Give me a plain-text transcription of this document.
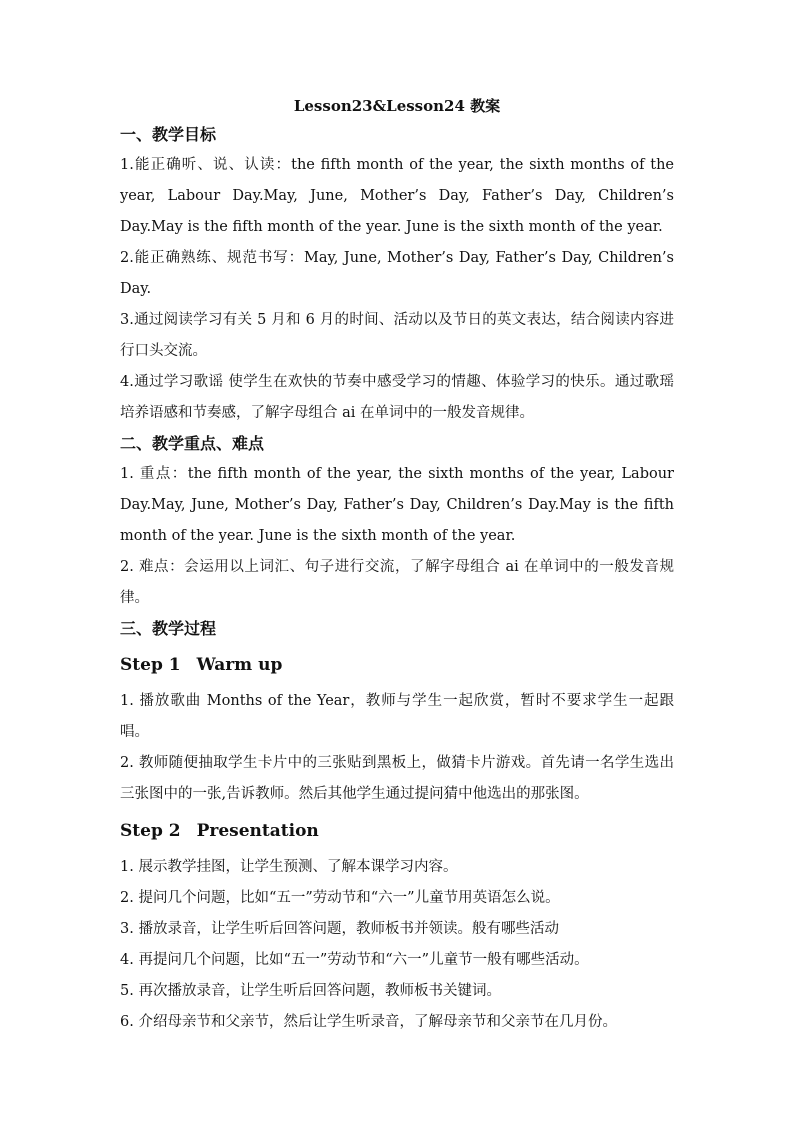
Lesson23&Lesson24 教案
一、教学目标

1.能正确听、说、认读：the fifth month of the year, the sixth months of the year, Labour Day.May, June, Mother’s Day, Father’s Day, Children’s Day.May is the fifth month of the year. June is the sixth month of the year.

2.能正确熟练、规范书写：May, June, Mother’s Day, Father’s Day, Children’s Day.

3.通过阅读学习有关 5 月和 6 月的时间、活动以及节日的英文表达，结合阅读内容进行口头交流。

4.通过学习歌谣 使学生在欢快的节奏中感受学习的情趣、体验学习的快乐。通过歌瑶培养语感和节奏感，了解字母组合 ai 在单词中的一般发音规律。

二、教学重点、难点

1. 重点：the fifth month of the year, the sixth months of the year, Labour Day.May, June, Mother’s Day, Father’s Day, Children’s Day.May is the fifth month of the year. June is the sixth month of the year.

2. 难点：会运用以上词汇、句子进行交流，了解字母组合 ai 在单词中的一般发音规律。

三、教学过程
Step 1 Warm up

1. 播放歌曲 Months of the Year，教师与学生一起欣赏，暂时不要求学生一起跟唱。

2. 教师随便抽取学生卡片中的三张贴到黑板上，做猜卡片游戏。首先请一名学生选出三张图中的一张,告诉教师。然后其他学生通过提问猜中他选出的那张图。

Step 2 Presentation

1. 展示教学挂图，让学生预测、了解本课学习内容。

2. 提问几个问题，比如“五一”劳动节和“六一”儿童节用英语怎么说。

3. 播放录音，让学生听后回答问题，教师板书并领读。般有哪些活动

4. 再提问几个问题，比如“五一”劳动节和“六一”儿童节一般有哪些活动。

5. 再次播放录音，让学生听后回答问题，教师板书关键词。

6. 介绍母亲节和父亲节，然后让学生听录音，了解母亲节和父亲节在几月份。
